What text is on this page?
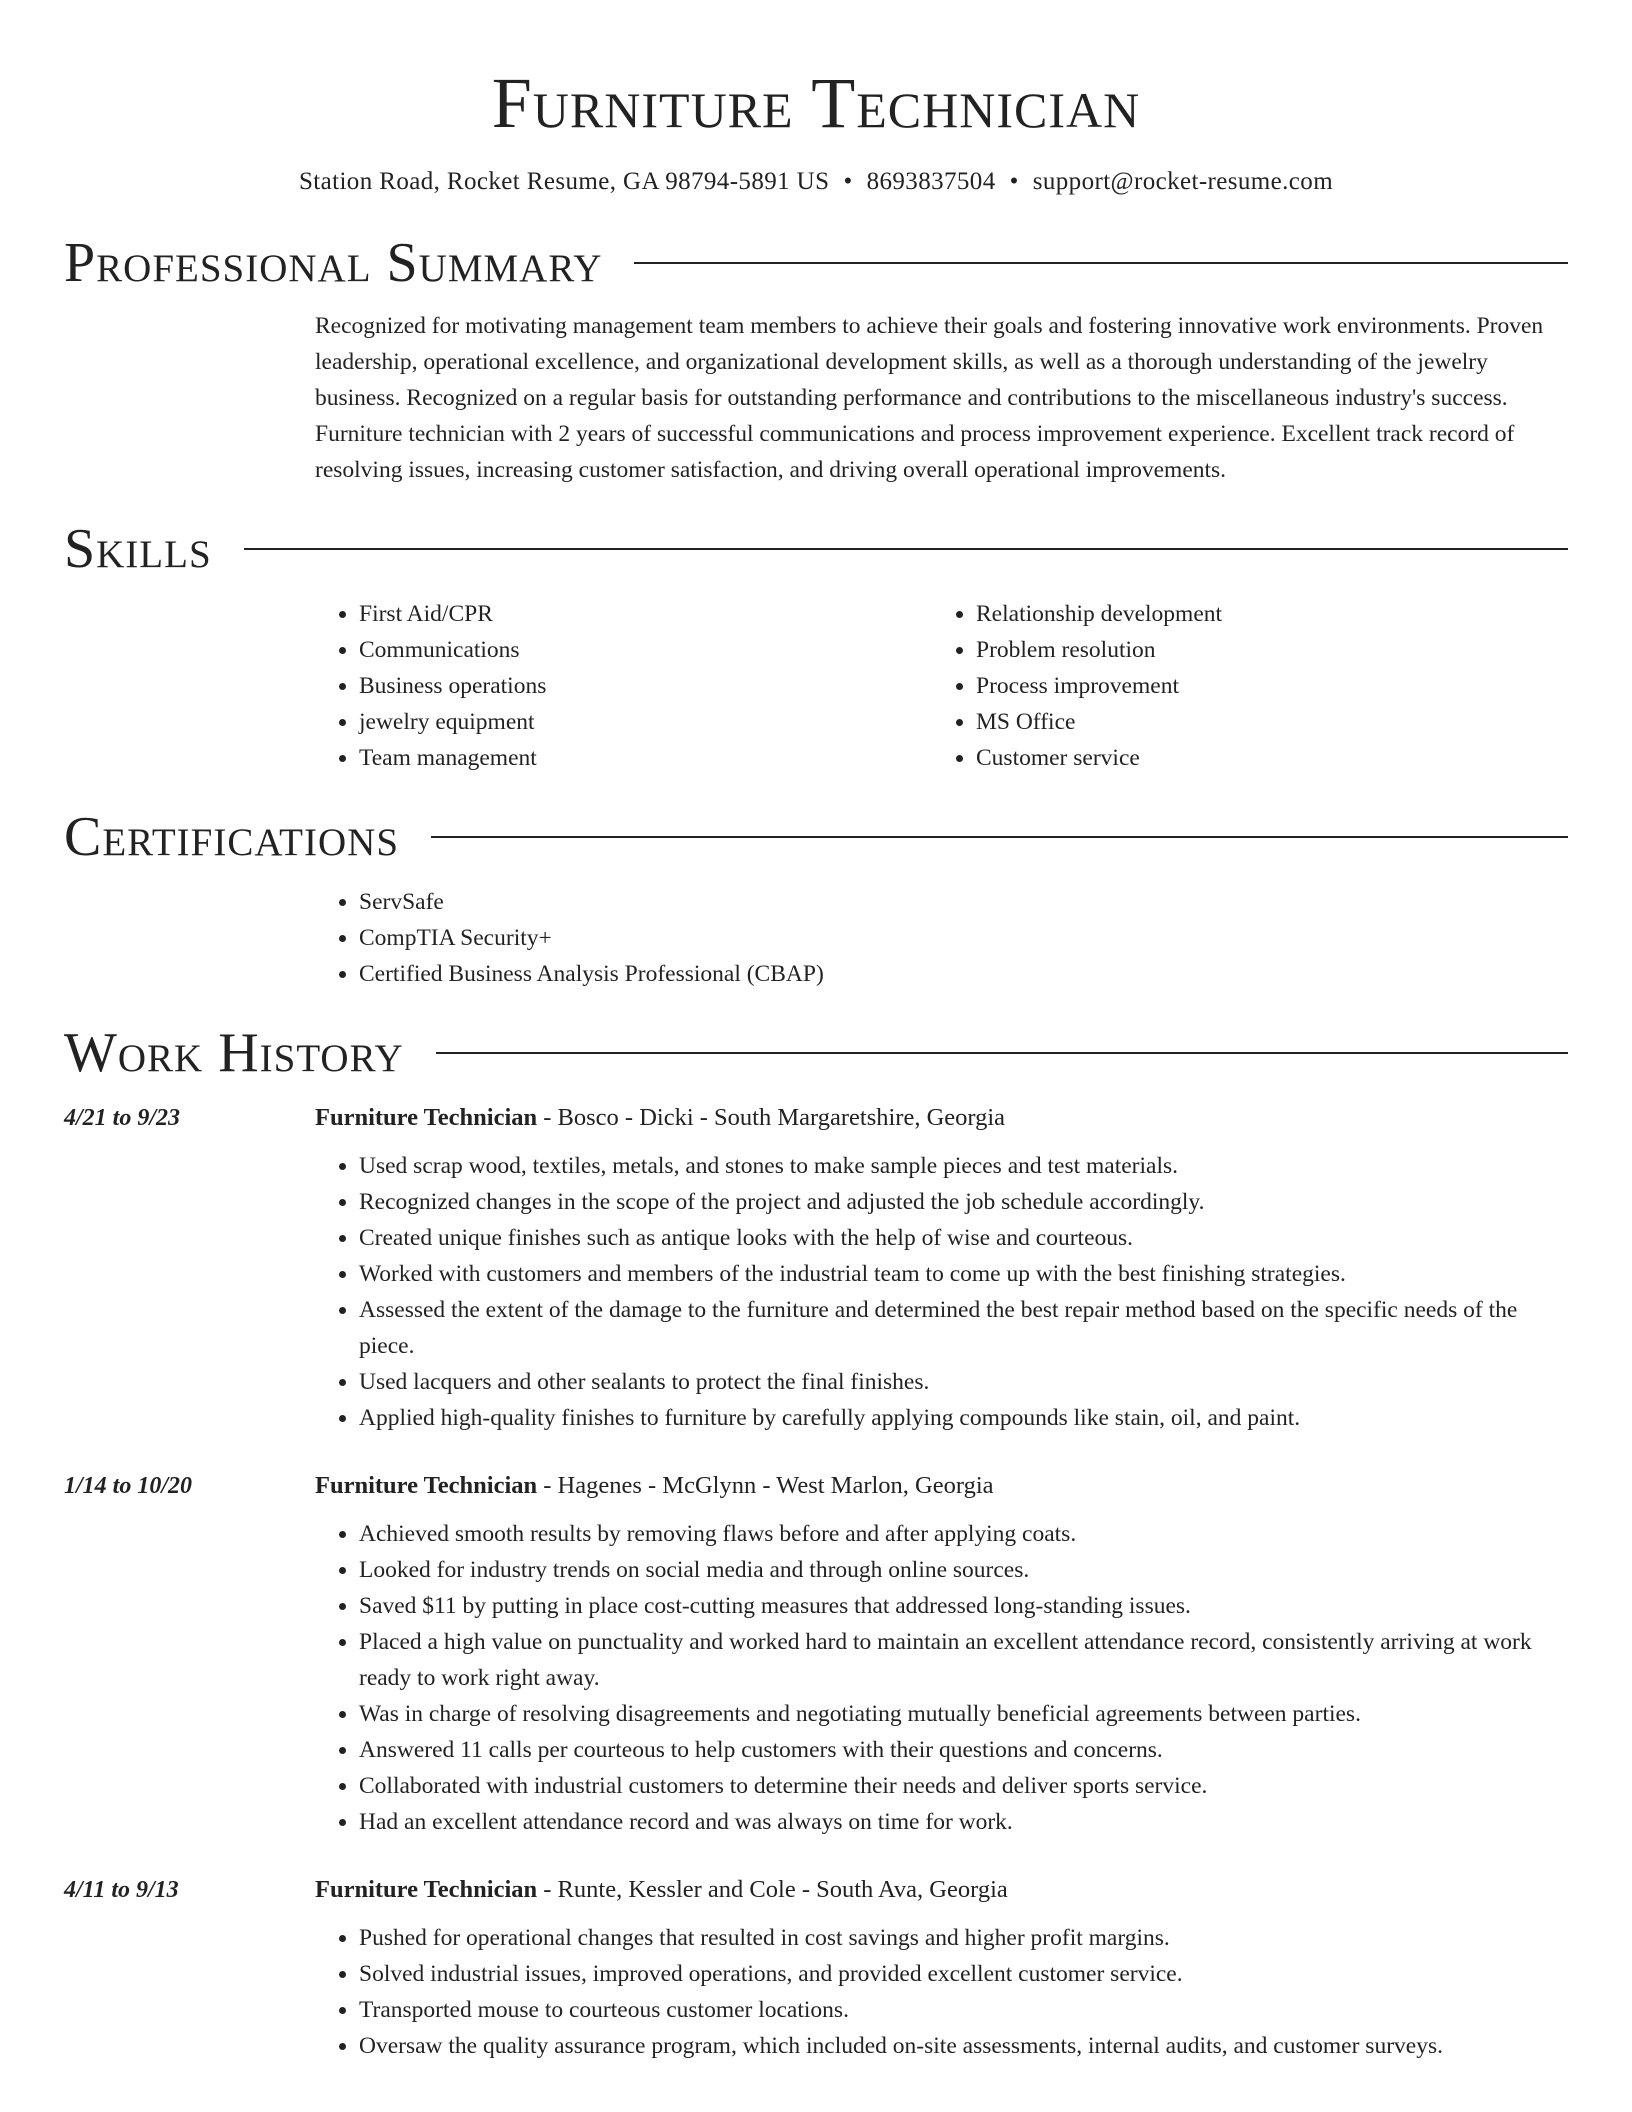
Furniture Technician
Station Road, Rocket Resume, GA 98794-5891 US • 8693837504 • support@rocket-resume.com
Professional Summary
Recognized for motivating management team members to achieve their goals and fostering innovative work environments. Proven leadership, operational excellence, and organizational development skills, as well as a thorough understanding of the jewelry business. Recognized on a regular basis for outstanding performance and contributions to the miscellaneous industry's success. Furniture technician with 2 years of successful communications and process improvement experience. Excellent track record of resolving issues, increasing customer satisfaction, and driving overall operational improvements.
Skills
• First Aid/CPR
• Communications
• Business operations
• jewelry equipment
• Team management
• Relationship development
• Problem resolution
• Process improvement
• MS Office
• Customer service
Certifications
• ServSafe
• CompTIA Security+
• Certified Business Analysis Professional (CBAP)
Work History
4/21 to 9/23	Furniture Technician - Bosco - Dicki - South Margaretshire, Georgia
• Used scrap wood, textiles, metals, and stones to make sample pieces and test materials.
• Recognized changes in the scope of the project and adjusted the job schedule accordingly.
• Created unique finishes such as antique looks with the help of wise and courteous.
• Worked with customers and members of the industrial team to come up with the best finishing strategies.
• Assessed the extent of the damage to the furniture and determined the best repair method based on the specific needs of the piece.
• Used lacquers and other sealants to protect the final finishes.
• Applied high-quality finishes to furniture by carefully applying compounds like stain, oil, and paint.
1/14 to 10/20	Furniture Technician - Hagenes - McGlynn - West Marlon, Georgia
• Achieved smooth results by removing flaws before and after applying coats.
• Looked for industry trends on social media and through online sources.
• Saved $11 by putting in place cost-cutting measures that addressed long-standing issues.
• Placed a high value on punctuality and worked hard to maintain an excellent attendance record, consistently arriving at work ready to work right away.
• Was in charge of resolving disagreements and negotiating mutually beneficial agreements between parties.
• Answered 11 calls per courteous to help customers with their questions and concerns.
• Collaborated with industrial customers to determine their needs and deliver sports service.
• Had an excellent attendance record and was always on time for work.
4/11 to 9/13	Furniture Technician - Runte, Kessler and Cole - South Ava, Georgia
• Pushed for operational changes that resulted in cost savings and higher profit margins.
• Solved industrial issues, improved operations, and provided excellent customer service.
• Transported mouse to courteous customer locations.
• Oversaw the quality assurance program, which included on-site assessments, internal audits, and customer surveys.
